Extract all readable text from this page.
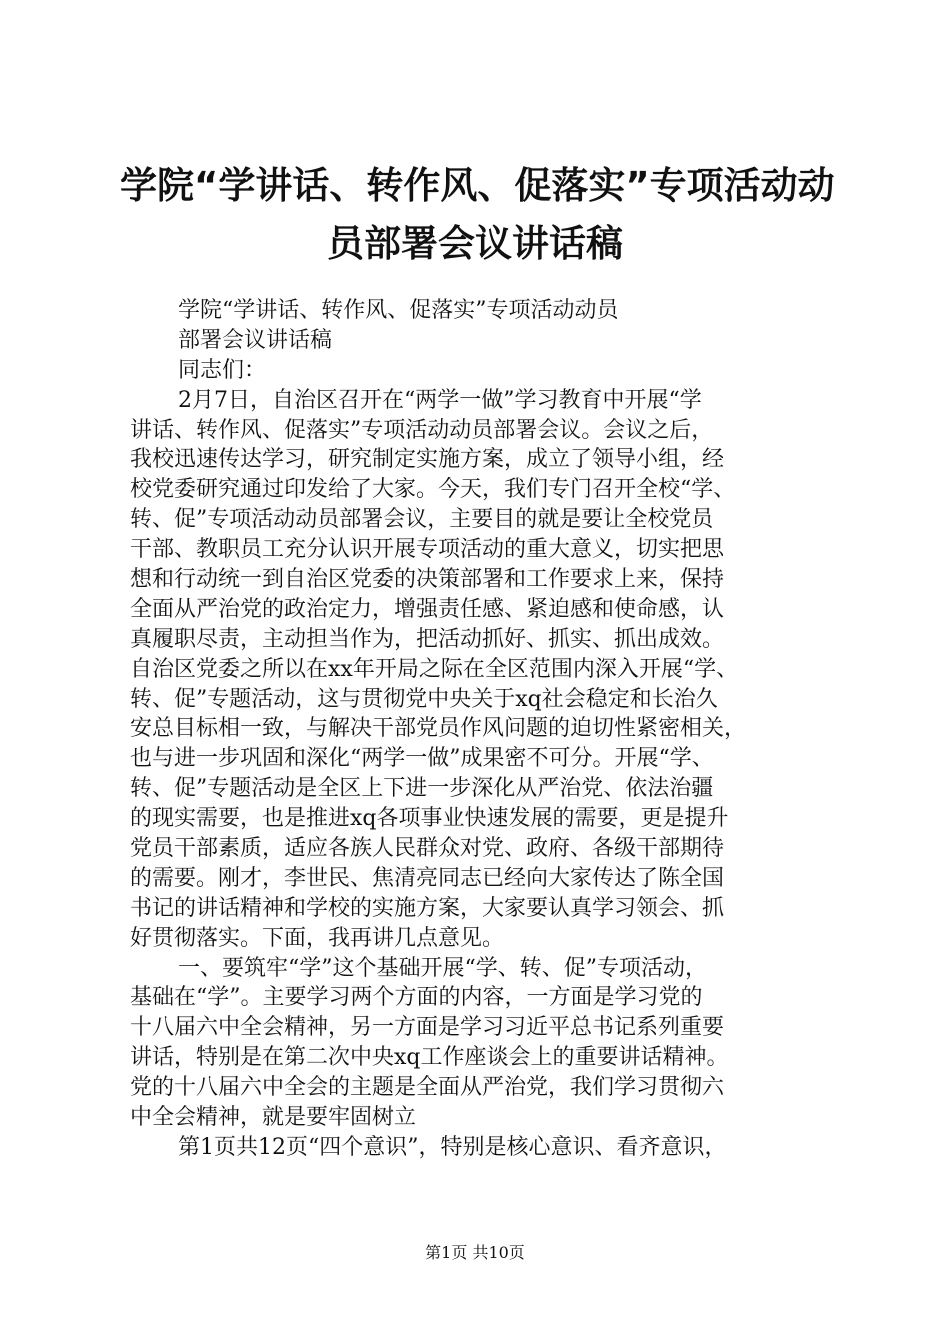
学院“学讲话、转作风、促落实”专项活动动
员部署会议讲话稿
学院“学讲话、转作风、促落实”专项活动动员
部署会议讲话稿
同志们：
2月7日，自治区召开在“两学一做”学习教育中开展“学
讲话、转作风、促落实”专项活动动员部署会议。会议之后，
我校迅速传达学习，研究制定实施方案，成立了领导小组，经
校党委研究通过印发给了大家。今天，我们专门召开全校“学、
转、促”专项活动动员部署会议，主要目的就是要让全校党员
干部、教职员工充分认识开展专项活动的重大意义，切实把思
想和行动统一到自治区党委的决策部署和工作要求上来，保持
全面从严治党的政治定力，增强责任感、紧迫感和使命感，认
真履职尽责，主动担当作为，把活动抓好、抓实、抓出成效。
自治区党委之所以在xx年开局之际在全区范围内深入开展“学、
转、促”专题活动，这与贯彻党中央关于xq社会稳定和长治久
安总目标相一致，与解决干部党员作风问题的迫切性紧密相关，
也与进一步巩固和深化“两学一做”成果密不可分。开展“学、
转、促”专题活动是全区上下进一步深化从严治党、依法治疆
的现实需要，也是推进xq各项事业快速发展的需要，更是提升
党员干部素质，适应各族人民群众对党、政府、各级干部期待
的需要。刚才，李世民、焦清亮同志已经向大家传达了陈全国
书记的讲话精神和学校的实施方案，大家要认真学习领会、抓
好贯彻落实。下面，我再讲几点意见。
一、要筑牢“学”这个基础开展“学、转、促”专项活动，
基础在“学”。主要学习两个方面的内容，一方面是学习党的
十八届六中全会精神，另一方面是学习习近平总书记系列重要
讲话，特别是在第二次中央xq工作座谈会上的重要讲话精神。
党的十八届六中全会的主题是全面从严治党，我们学习贯彻六
中全会精神，就是要牢固树立
第1页共12页“四个意识”，特别是核心意识、看齐意识，
第1页 共10页
